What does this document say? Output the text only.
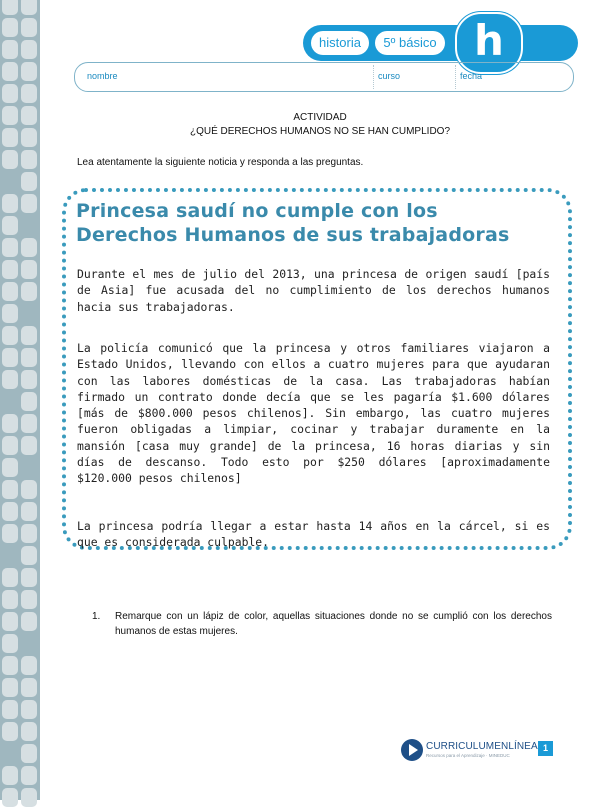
historia	5º básico h
nombre	curso	fecha
ACTIVIDAD
¿QUÉ DERECHOS HUMANOS NO SE HAN CUMPLIDO?
Lea atentamente la siguiente noticia y responda a las preguntas.
Princesa saudí no cumple con los Derechos Humanos de sus trabajadoras
Durante el mes de julio del 2013, una princesa de origen saudí [país de Asia] fue acusada del no cumplimiento de los derechos humanos hacia sus trabajadoras.
La policía comunicó que la princesa y otros familiares viajaron a Estado Unidos, llevando con ellos a cuatro mujeres para que ayudaran con las labores domésticas de la casa. Las trabajadoras habían firmado un contrato donde decía que se les pagaría $1.600 dólares [más de $800.000 pesos chilenos]. Sin embargo, las cuatro mujeres fueron obligadas a limpiar, cocinar y trabajar duramente en la mansión [casa muy grande] de la princesa, 16 horas diarias y sin días de descanso. Todo esto por $250 dólares [aproximadamente $120.000 pesos chilenos]
La princesa podría llegar a estar hasta 14 años en la cárcel, si es que es considerada culpable.
1. Remarque con un lápiz de color, aquellas situaciones donde no se cumplió con los derechos humanos de estas mujeres.
CURRICULUMENLÍNEA
Recursos para el Aprendizaje · MINEDUC
1
